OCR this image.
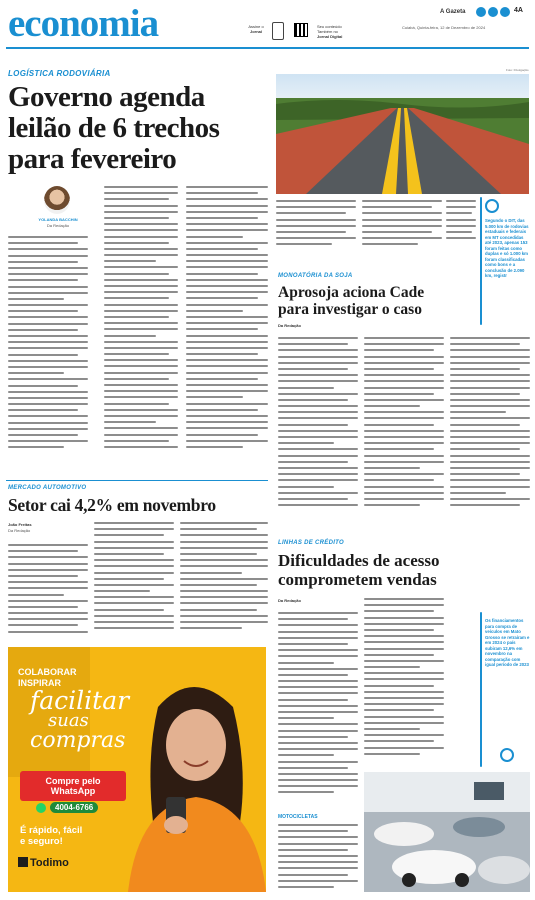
economia	Assine o
Jornal
Seu conteúdo
Também no
Jornal Digital
A Gazeta	4A
Cuiabá, Quinta-feira, 12 de Dezembro de 2024
LOGÍSTICA RODOVIÁRIA
Governo agenda
leilão de 6 trechos
para fevereiro
YOLANDA BACCHIN
Da Redação
Foto: Divulgação
Segundo o DIT, das 5.000 km de rodovias estaduais e federais em MT concedidas até 2023, apenas 153 foram feitas como duplas e só 1.000 km foram classificadas como bons e a conclusão de 2.090 km, registr
MONOATÓRIA DA SOJA
Aprosoja aciona Cade
para investigar o caso
Da Redação
MERCADO AUTOMOTIVO
Setor cai 4,2% em novembro
João Freitas
Da Redação
COLABORAR
INSPIRAR
facilitar
suas
compras
Compre pelo
WhatsApp
4004-6766
É rápido, fácil
e seguro!
Todimo
LINHAS DE CRÉDITO
Dificuldades de acesso
comprometem vendas
Da Redação
MOTOCICLETAS
Os financiamentos para compra de veículos em Mato Grosso se retraíram e em 2024 o país subiram 12,6% em novembro na comparação com igual período de 2023
